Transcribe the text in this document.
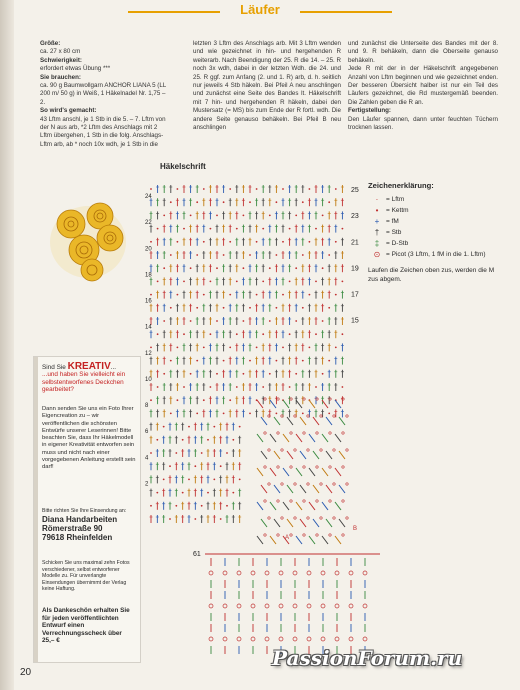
Läufer
Größe:
ca. 27 x 80 cm
Schwierigkeit:
erfordert etwas Übung ***
Sie brauchen:
ca. 90 g Baumwollgarn ANCHOR LIANA 5 (LL 200 m/ 50 g) in Weiß, 1 Häkelnadel Nr. 1,75 – 2.
So wird's gemacht:
43 Lftm anschl, je 1 Stb in die 5. – 7. Lftm von der N aus arb, *2 Lftm des Anschlags mit 2 Lftm übergehen, 1 Stb in die folg. Anschlags-Lftm arb, ab * noch 10x wdh, je 1 Stb in die
letzten 3 Lftm des Anschlags arb. Mit 3 Lftm wenden und wie gezeichnet in hin- und hergehenden R weiterarb. Nach Beendigung der 25. R die 14. – 25. R noch 3x wdh, dabei in der letzten Wdh. die 24. und 25. R ggf. zum Anfang (2. und 1. R) arb, d. h. seitlich nur jeweils 4 Stb häkeln. Bei Pfeil A neu anschlingen und zunächst eine Seite des Bandes lt. Häkelschrift mit 7 hin- und hergehenden R häkeln, dabei den Mustersatz (= MS) bis zum Ende der R fortl. wdh. Die andere Seite genauso behäkeln. Bei Pfeil B neu anschlingen
und zunächst die Unterseite des Bandes mit der 8. und 9. R behäkeln, dann die Oberseite genauso behäkeln.
Jede R mit der in der Häkelschrift angegebenen Anzahl von Lftm beginnen und wie gezeichnet enden. Der besseren Übersicht halber ist nur ein Teil des Läufers gezeichnet, die Rd mustergemäß beenden. Die Zahlen geben die R an.
Fertigstellung:
Den Läufer spannen, dann unter feuchten Tüchern trocknen lassen.
Häkelschrift
25
23
21
19
17
15
24
22
20
18
16
14
12
10
8
6
4
2
A
B
Zeichenerklärung:
·	= Lftm
•	= Kettm
+	= fM
†	= Stb
‡	= D-Stb
⊙ = Picot (3 Lftm, 1 fM in die 1. Lftm)
Laufen die Zeichen oben zus, werden die M zus abgem.
Sind Sie KREATIV...
...und haben Sie vielleicht ein selbstentworfenes Deckchen gearbeitet?
Dann senden Sie uns ein Foto Ihrer Eigencreation zu – wir veröffentlichen die schönsten Entwürfe unserer Leserinnen! Bitte beachten Sie, dass Ihr Häkelmodell in eigener Kreativität entworfen sein muss und nicht nach einer vorgegebenen Anleitung erstellt sein darf!
Bitte richten Sie Ihre Einsendung an:
Diana Handarbeiten
Römerstraße 90
79618 Rheinfelden
Schicken Sie uns maximal zehn Fotos verschiedener, selbst entworfener Modelle zu. Für unverlangte Einsendungen übernimmt der Verlag keine Haftung.
Als Dankeschön erhalten Sie für jeden veröffentlichten Entwurf einen Verrechnungsscheck über 25,– €
61
20
PassionForum.ru
